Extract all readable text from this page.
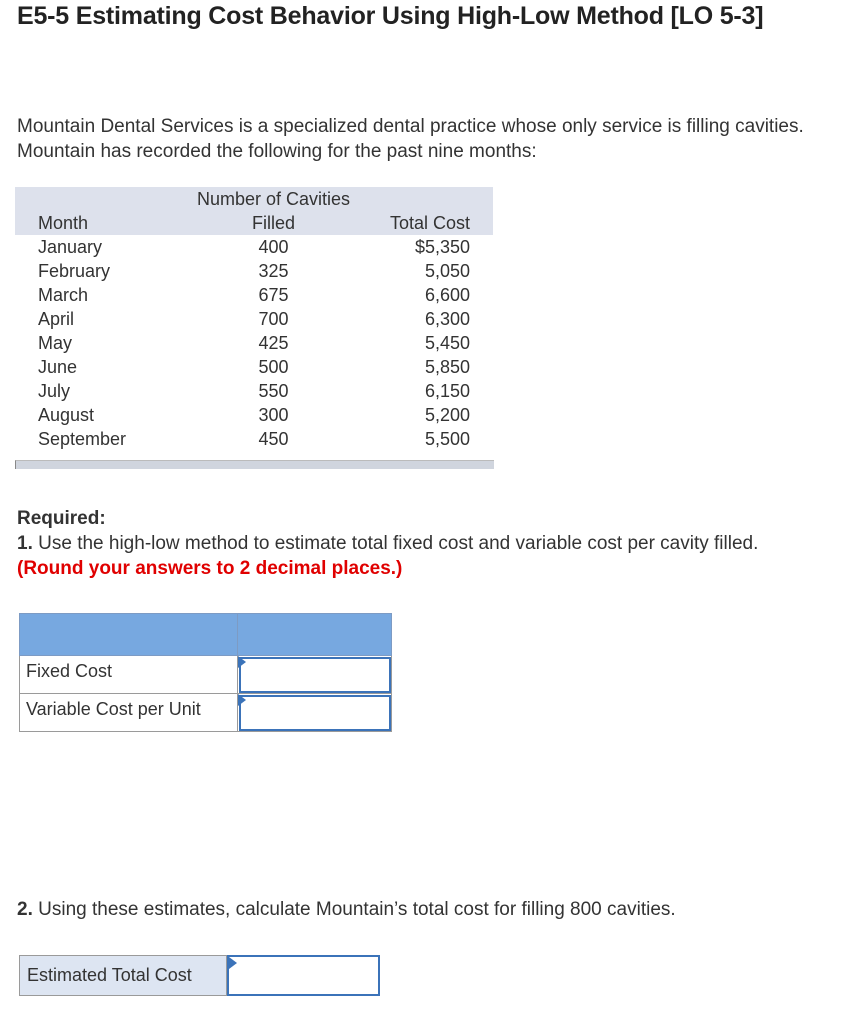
E5-5 Estimating Cost Behavior Using High-Low Method [LO 5-3]

Mountain Dental Services is a specialized dental practice whose only service is filling cavities. Mountain has recorded the following for the past nine months:

	Number of Cavities	
Month	Filled	Total Cost
January	400	$5,350
February	325	5,050
March	675	6,600
April	700	6,300
May	425	5,450
June	500	5,850
July	550	6,150
August	300	5,200
September	450	5,500
Required:
1. Use the high-low method to estimate total fixed cost and variable cost per cavity filled.
(Round your answers to 2 decimal places.)

Fixed Cost	

Variable Cost per Unit	
2. Using these estimates, calculate Mountain’s total cost for filling 800 cavities.
Estimated Total Cost
